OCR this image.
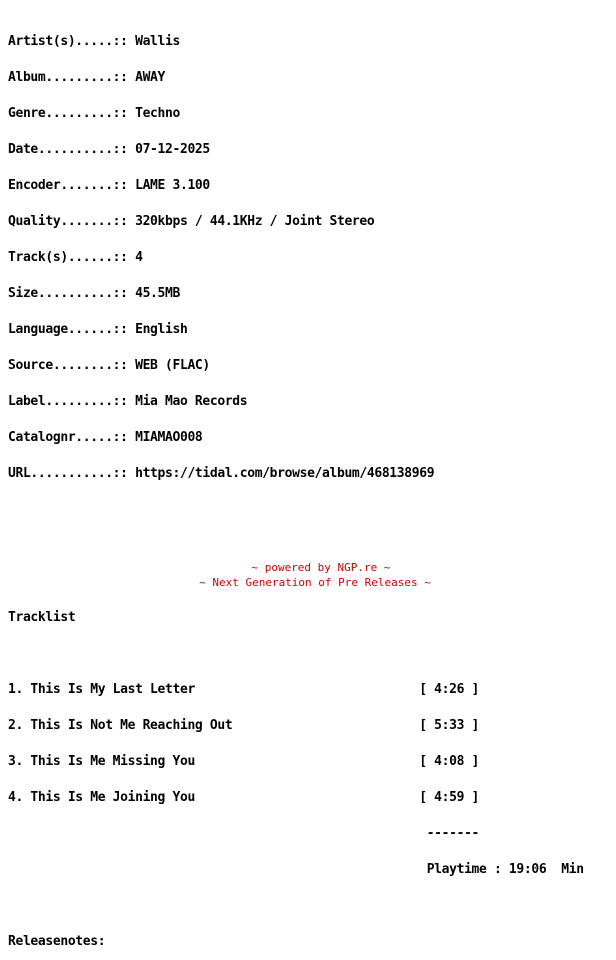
Artist(s).....:: Wallis

Album.........:: AWAY

Genre.........:: Techno

Date..........:: 07-12-2025

Encoder.......:: LAME 3.100

Quality.......:: 320kbps / 44.1KHz / Joint Stereo

Track(s)......:: 4

Size..........:: 45.5MB

Language......:: English

Source........:: WEB (FLAC)

Label.........:: Mia Mao Records

Catalognr.....:: MIAMAO008

URL...........:: https://tidal.com/browse/album/468138969

Tracklist

1. This Is My Last Letter                              [ 4:26 ]

2. This Is Not Me Reaching Out                         [ 5:33 ]

3. This Is Me Missing You                              [ 4:08 ]

4. This Is Me Joining You                              [ 4:59 ]

-------

Playtime : 19:06  Min

Releasenotes:

~ powered by NGP.re ~
~ Next Generation of Pre Releases ~
